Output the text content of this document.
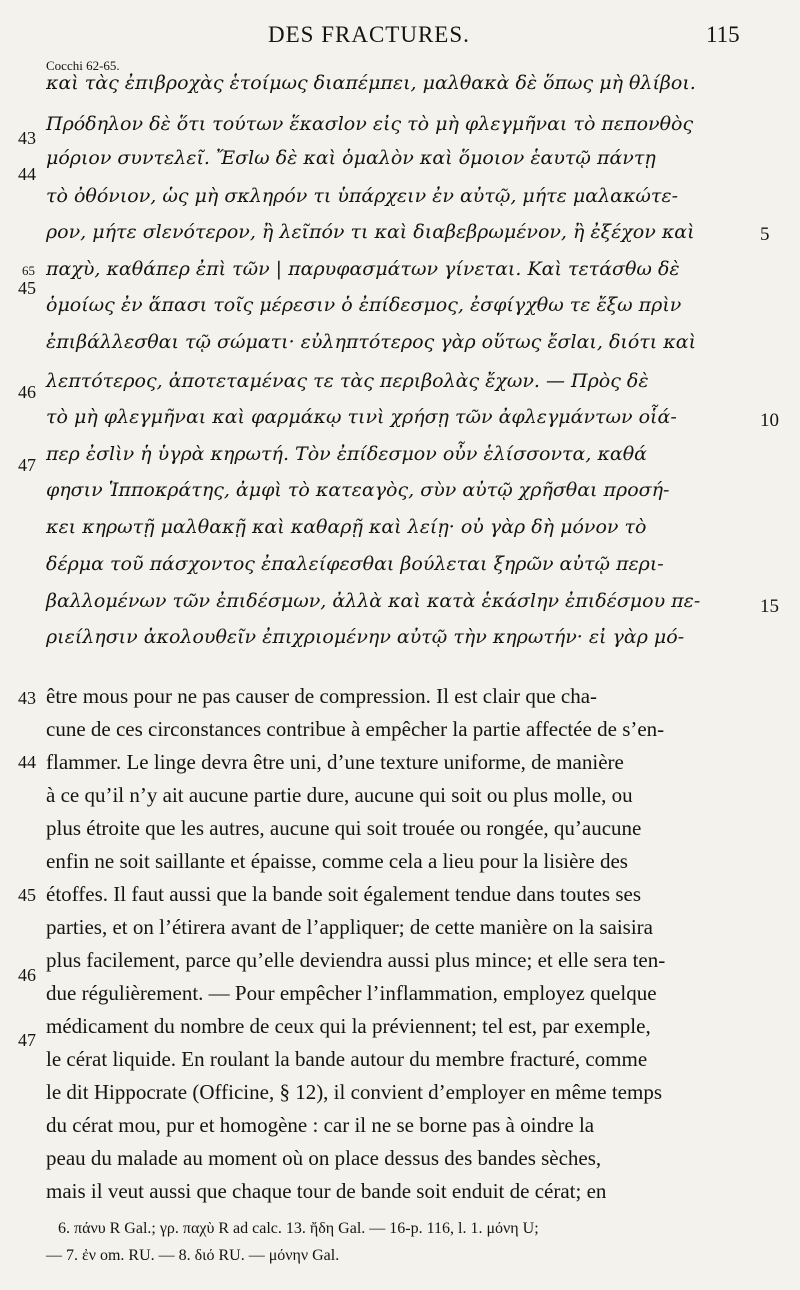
DES FRACTURES.	115
Cocchi 62-65.
καὶ τὰς ἐπιβροχὰς ἑτοίμως διαπέμπει, μαλθακὰ δὲ ὅπως μὴ θλίβοι.
Πρόδηλον δὲ ὅτι τούτων ἕκασlον εἰς τὸ μὴ φλεγμῆναι τὸ πεπονθὸς
μόριον συντελεῖ. Ἔσlω δὲ καὶ ὁμαλὸν καὶ ὅμοιον ἑαυτῷ πάντῃ
τὸ ὀθόνιον, ὡς μὴ σκληρόν τι ὑπάρχειν ἐν αὐτῷ, μήτε μαλακώτε-
ρον, μήτε σlενότερον, ἢ λεῖπόν τι καὶ διαβεβρωμένον, ἢ ἐξέχον καὶ
παχὺ, καθάπερ ἐπὶ τῶν | παρυφασμάτων γίνεται. Καὶ τετάσθω δὲ
ὁμοίως ἐν ἅπασι τοῖς μέρεσιν ὁ ἐπίδεσμος, ἐσφίγχθω τε ἔξω πρὶν
ἐπιβάλλεσθαι τῷ σώματι· εὐληπτότερος γὰρ οὕτως ἔσlαι, διότι καὶ
λεπτότερος, ἀποτεταμένας τε τὰς περιβολὰς ἔχων. — Πρὸς δὲ
τὸ μὴ φλεγμῆναι καὶ φαρμάκῳ τινὶ χρήσῃ τῶν ἀφλεγμάντων οἷά-
περ ἐσlὶν ἡ ὑγρὰ κηρωτή. Τὸν ἐπίδεσμον οὖν ἑλίσσοντα, καθά
φησιν Ἱπποκράτης, ἀμφὶ τὸ κατεαγὸς, σὺν αὐτῷ χρῆσθαι προσή-
κει κηρωτῇ μαλθακῇ καὶ καθαρῇ καὶ λείῃ· οὐ γὰρ δὴ μόνον τὸ
δέρμα τοῦ πάσχοντος ἐπαλείφεσθαι βούλεται ξηρῶν αὐτῷ περι-
βαλλομένων τῶν ἐπιδέσμων, ἀλλὰ καὶ κατὰ ἑκάσlην ἐπιδέσμου πε-
ριείλησιν ἀκολουθεῖν ἐπιχριομένην αὐτῷ τὴν κηρωτήν· εἰ γὰρ μό-
43
44
65
45
46
47
5
10
15
être mous pour ne pas causer de compression. Il est clair que cha-
cune de ces circonstances contribue à empêcher la partie affectée de s’en-
flammer. Le linge devra être uni, d’une texture uniforme, de manière
à ce qu’il n’y ait aucune partie dure, aucune qui soit ou plus molle, ou
plus étroite que les autres, aucune qui soit trouée ou rongée, qu’aucune
enfin ne soit saillante et épaisse, comme cela a lieu pour la lisière des
étoffes. Il faut aussi que la bande soit également tendue dans toutes ses
parties, et on l’étirera avant de l’appliquer; de cette manière on la saisira
plus facilement, parce qu’elle deviendra aussi plus mince; et elle sera ten-
due régulièrement. — Pour empêcher l’inflammation, employez quelque
médicament du nombre de ceux qui la préviennent; tel est, par exemple,
le cérat liquide. En roulant la bande autour du membre fracturé, comme
le dit Hippocrate (Officine, § 12), il convient d’employer en même temps
du cérat mou, pur et homogène : car il ne se borne pas à oindre la
peau du malade au moment où on place dessus des bandes sèches,
mais il veut aussi que chaque tour de bande soit enduit de cérat; en
43
44
45
46
47
6. πάνυ R Gal.; γρ. παχὺ R ad calc. 13. ἤδη Gal. — 16-p. 116, l. 1. μόνη U;
— 7. ἐν om. RU. — 8. διό RU. — μόνην Gal.
